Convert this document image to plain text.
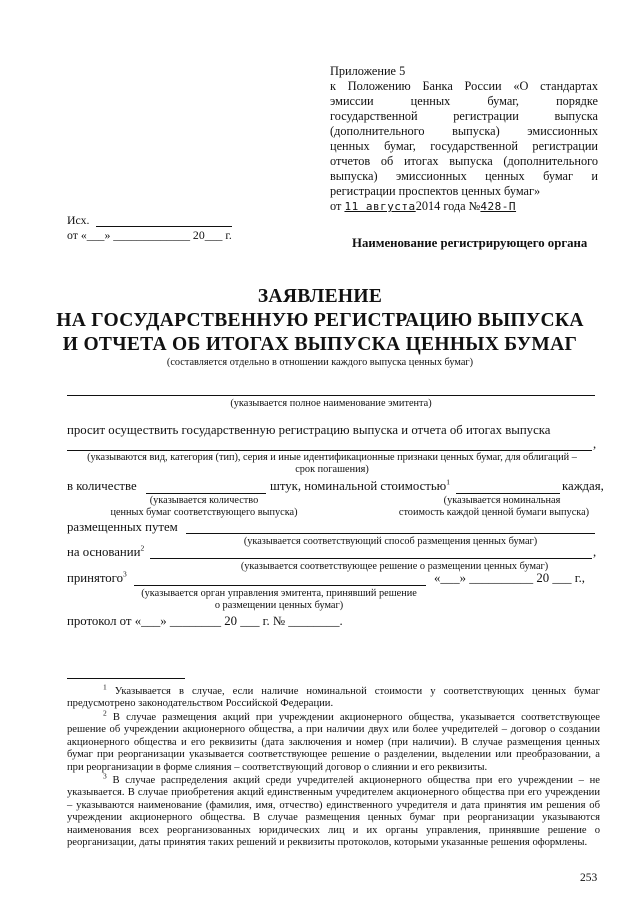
Приложение 5
к Положению Банка России «О стандартах
эмиссии ценных бумаг, порядке
государственной регистрации выпуска
(дополнительного выпуска) эмиссионных
ценных бумаг, государственной регистрации
отчетов об итогах выпуска (дополнительного
выпуска) эмиссионных ценных бумаг и
регистрации проспектов ценных бумаг»
от 11 августа2014 года №428-П
Исх.
от «___» _____________ 20___ г.
Наименование регистрирующего органа
ЗАЯВЛЕНИЕ
НА ГОСУДАРСТВЕННУЮ РЕГИСТРАЦИЮ ВЫПУСКА
И ОТЧЕТА ОБ ИТОГАХ ВЫПУСКА ЦЕННЫХ БУМАГ
(составляется отдельно в отношении каждого выпуска ценных бумаг)
(указывается полное наименование эмитента)
просит осуществить государственную регистрацию выпуска и отчета об итогах выпуска
,
(указываются вид, категория (тип), серия и иные идентификационные признаки ценных бумаг, для облигаций –
срок погашения)
в количестве	штук, номинальной стоимостью$^1$	каждая,
(указывается количество
ценных бумаг соответствующего выпуска)
(указывается номинальная
стоимость каждой ценной бумаги выпуска)
размещенных путем
(указывается соответствующий способ размещения ценных бумаг)
на основании$^2$	,
(указывается соответствующее решение о размещении ценных бумаг)
принятого$^3$	«___» __________ 20 ___ г.,
(указывается орган управления эмитента, принявший решение
о размещении ценных бумаг)
протокол от «___» ________ 20 ___ г. № ________.
$^1$ Указывается в случае, если наличие номинальной стоимости у соответствующих ценных бумаг предусмотрено законодательством Российской Федерации.
$^2$ В случае размещения акций при учреждении акционерного общества, указывается соответствующее решение об учреждении акционерного общества, а при наличии двух или более учредителей – договор о создании акционерного общества и его реквизиты (дата заключения и номер (при наличии). В случае размещения ценных бумаг при реорганизации указывается соответствующее решение о разделении, выделении или преобразовании, а при реорганизации в форме слияния – соответствующий договор о слиянии и его реквизиты.
$^3$ В случае распределения акций среди учредителей акционерного общества при его учреждении – не указывается. В случае приобретения акций единственным учредителем акционерного общества при его учреждении – указываются наименование (фамилия, имя, отчество) единственного учредителя и дата принятия им решения об учреждении акционерного общества. В случае размещения ценных бумаг при реорганизации указываются наименования всех реорганизованных юридических лиц и их органы управления, принявшие решение о реорганизации, даты принятия таких решений и реквизиты протоколов, которыми указанные решения оформлены.
253
